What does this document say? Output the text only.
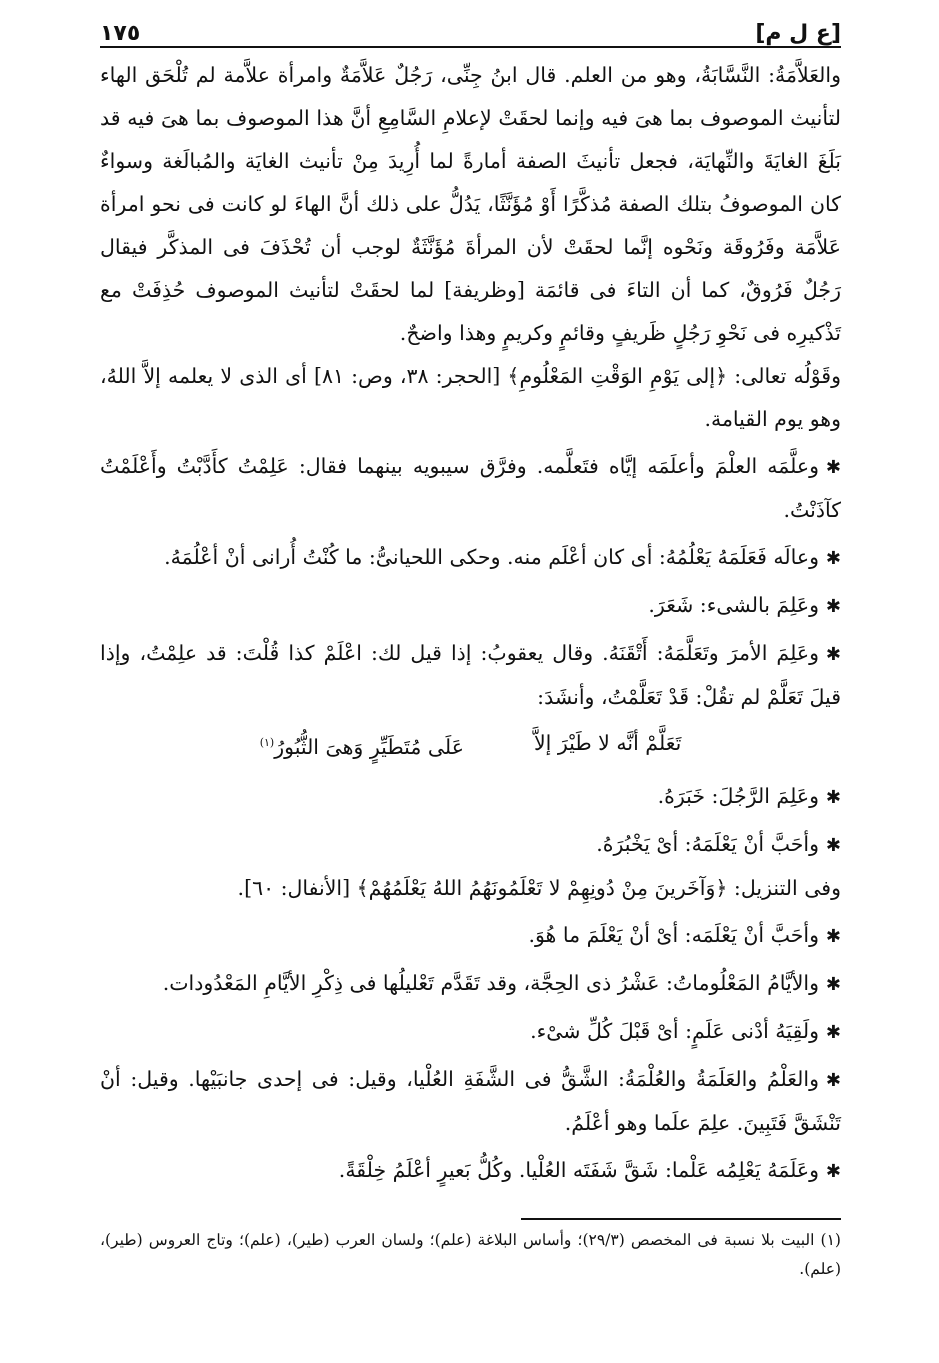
[ع ل م]
١٧٥

والعَلاَّمَةُ: النَّسَّابَةُ، وهو من العلم. قال ابنُ جِنِّى، رَجُلٌ عَلاَّمَةٌ وامرأة علاَّمة لم تُلْحَق الهاء لتأنيث الموصوف بما هىَ فيه وإنما لحقَتْ لإعلامِ السَّامِعِ أنَّ هذا الموصوف بما هىَ فيه قد بَلَغَ الغايَةَ والنِّهايَة، فجعل تأنيثَ الصفة أمارةً لما أُرِيدَ مِنْ تأنيث الغايَة والمُبالَغة وسواءٌ كان الموصوفُ بتلك الصفة مُذكَّرًا أَوْ مُؤَنَّثًا، يَدُلُّ على ذلك أنَّ الهاءَ لو كانت فى نحو امرأة عَلاَّمَة وفَرُوقَة ونَحْوه إنَّما لحقَتْ لأن المرأةَ مُؤَنَّثَةٌ لوجب أن تُحْذَفَ فى المذكَّر فيقال رَجُلٌ فَرُوقٌ، كما أن التاءَ فى قائمَة [وظريفة] لما لحقَتْ لتأنيث الموصوف حُذِفَتْ مع تَذْكيرِه فى نَحْوِ رَجُلٍ ظَريفٍ وقائمٍ وكريمٍ وهذا واضحٌ.

وقَوْلُه تعالى: ﴿إلى يَوْمِ الوَقْتِ المَعْلُومِ﴾ [الحجر: ٣٨، وص: ٨١] أى الذى لا يعلمه إلاَّ اللهُ، وهو يوم القيامة.

✱وعلَّمَه العلْمَ وأعلَمَه إيَّاه فتَعلَّمه. وفرَّق سيبويه بينهما فقال: عَلِمْتُ كأَدَّبْتُ وأَعْلَمْتُ كآذَنْتُ.

✱وعالَه فَعَلَمَهُ يَعْلُمُهُ: أى كان أعْلَم منه. وحكى اللحيانىُّ: ما كُنْتُ أُرانى أنْ أعْلُمَهُ.

✱وعَلِمَ بالشىء: شَعَرَ.

✱وعَلِمَ الأمرَ وتَعَلَّمَهُ: أَتْقَنَهُ. وقال يعقوبُ: إذا قيل لك: اعْلَمْ كذا قُلْتَ: قد علِمْتُ، وإذا قيلَ تَعَلَّمْ لم تقُلْ: قَدْ تَعَلَّمْتُ، وأنشَدَ:

تَعَلَّمْ أنَّه لا طَيْرَ إلاَّ
عَلَى مُتَطَيِّرٍ وَهىَ الثُّبُورُ$^{(١)}$

✱وعَلِمَ الرَّجُلَ: خَبَرَهُ.

✱وأحَبَّ أنْ يَعْلَمَهُ: أىْ يَخْبُرَهُ.

وفى التنزيل: ﴿وَآخَرينَ مِنْ دُونِهِمْ لا تَعْلَمُونَهُمُ اللهُ يَعْلَمُهُمْ﴾ [الأنفال: ٦٠].

✱وأحَبَّ أنْ يَعْلَمَه: أىْ أنْ يَعْلَمَ ما هُوَ.

✱والأيَّامُ المَعْلُوماتُ: عَشْرُ ذى الحِجَّة، وقد تَقَدَّم تَعْليلُها فى ذِكْرِ الأيَّامِ المَعْدُودات.

✱ولَقِيَهُ أدْنى عَلَمٍ: أىْ قَبْلَ كُلِّ شىْء.

✱والعَلْمُ والعَلَمَةُ والعُلْمَةُ: الشَّقُّ فى الشَّفَةِ العُلْيا، وقيل: فى إحدى جانبَيْها. وقيل: أنْ تَنْشَقَّ فَتَبِينَ. علِمَ علَما وهو أعْلَمُ.

✱وعَلَمَهُ يَعْلِمُه عَلْما: شَقَّ شَفَتَه العُلْيا. وكُلُّ بَعيرٍ أعْلَمُ خِلْقَةً.

(١) البيت بلا نسبة فى المخصص (٢٩/٣)؛ وأساس البلاغة (علم)؛ ولسان العرب (طير)، (علم)؛ وتاج العروس (طير)، (علم).
